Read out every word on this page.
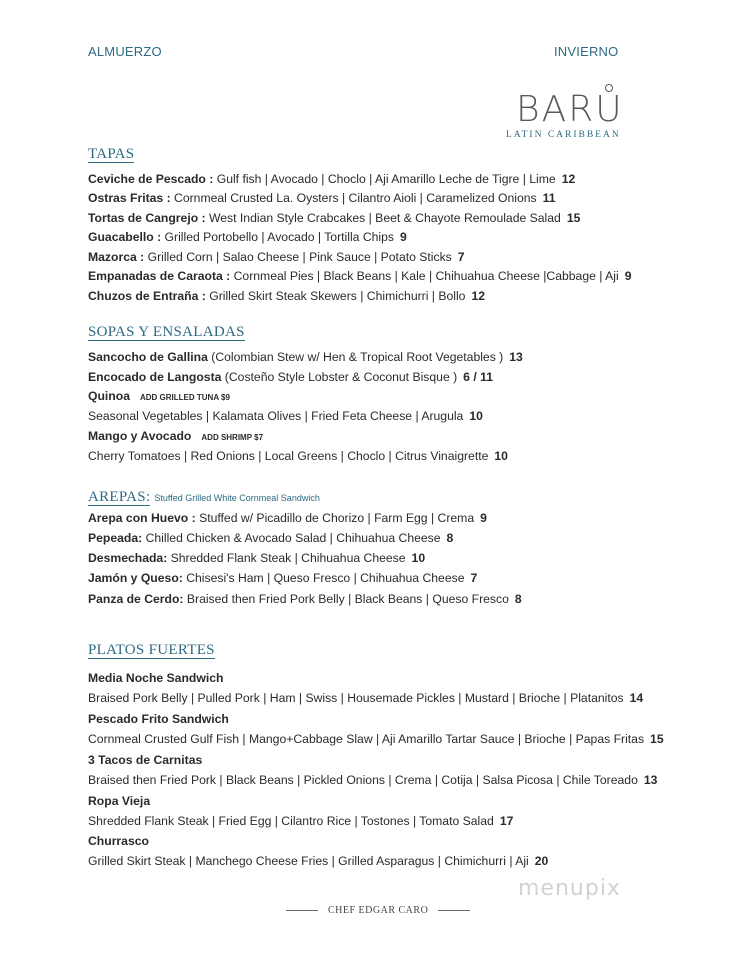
ALMUERZO	INVIERNO
BARU
LATIN CARIBBEAN
TAPAS
Ceviche de Pescado : Gulf fish | Avocado | Choclo | Aji Amarillo Leche de Tigre | Lime 12
Ostras Fritas : Cornmeal Crusted La. Oysters | Cilantro Aioli | Caramelized Onions 11
Tortas de Cangrejo : West Indian Style Crabcakes | Beet & Chayote Remoulade Salad 15
Guacabello : Grilled Portobello | Avocado | Tortilla Chips 9
Mazorca : Grilled Corn | Salao Cheese | Pink Sauce | Potato Sticks 7
Empanadas de Caraota : Cornmeal Pies | Black Beans | Kale | Chihuahua Cheese |Cabbage | Aji 9
Chuzos de Entraña : Grilled Skirt Steak Skewers | Chimichurri | Bollo 12
SOPAS Y ENSALADAS
Sancocho de Gallina (Colombian Stew w/ Hen & Tropical Root Vegetables ) 13
Encocado de Langosta (Costeño Style Lobster & Coconut Bisque ) 6 / 11
Quinoa ADD GRILLED TUNA $9
Seasonal Vegetables | Kalamata Olives | Fried Feta Cheese | Arugula 10
Mango y Avocado ADD SHRIMP $7
Cherry Tomatoes | Red Onions | Local Greens | Choclo | Citrus Vinaigrette 10
AREPAS: Stuffed Grilled White Cornmeal Sandwich
Arepa con Huevo : Stuffed w/ Picadillo de Chorizo | Farm Egg | Crema 9
Pepeada: Chilled Chicken & Avocado Salad | Chihuahua Cheese 8
Desmechada: Shredded Flank Steak | Chihuahua Cheese 10
Jamón y Queso: Chisesi's Ham | Queso Fresco | Chihuahua Cheese 7
Panza de Cerdo: Braised then Fried Pork Belly | Black Beans | Queso Fresco 8
PLATOS FUERTES
Media Noche Sandwich
Braised Pork Belly | Pulled Pork | Ham | Swiss | Housemade Pickles | Mustard | Brioche | Platanitos 14
Pescado Frito Sandwich
Cornmeal Crusted Gulf Fish | Mango+Cabbage Slaw | Aji Amarillo Tartar Sauce | Brioche | Papas Fritas 15
3 Tacos de Carnitas
Braised then Fried Pork | Black Beans | Pickled Onions | Crema | Cotija | Salsa Picosa | Chile Toreado 13
Ropa Vieja
Shredded Flank Steak | Fried Egg | Cilantro Rice | Tostones | Tomato Salad 17
Churrasco
Grilled Skirt Steak | Manchego Cheese Fries | Grilled Asparagus | Chimichurri | Aji 20
menupix
CHEF EDGAR CARO
